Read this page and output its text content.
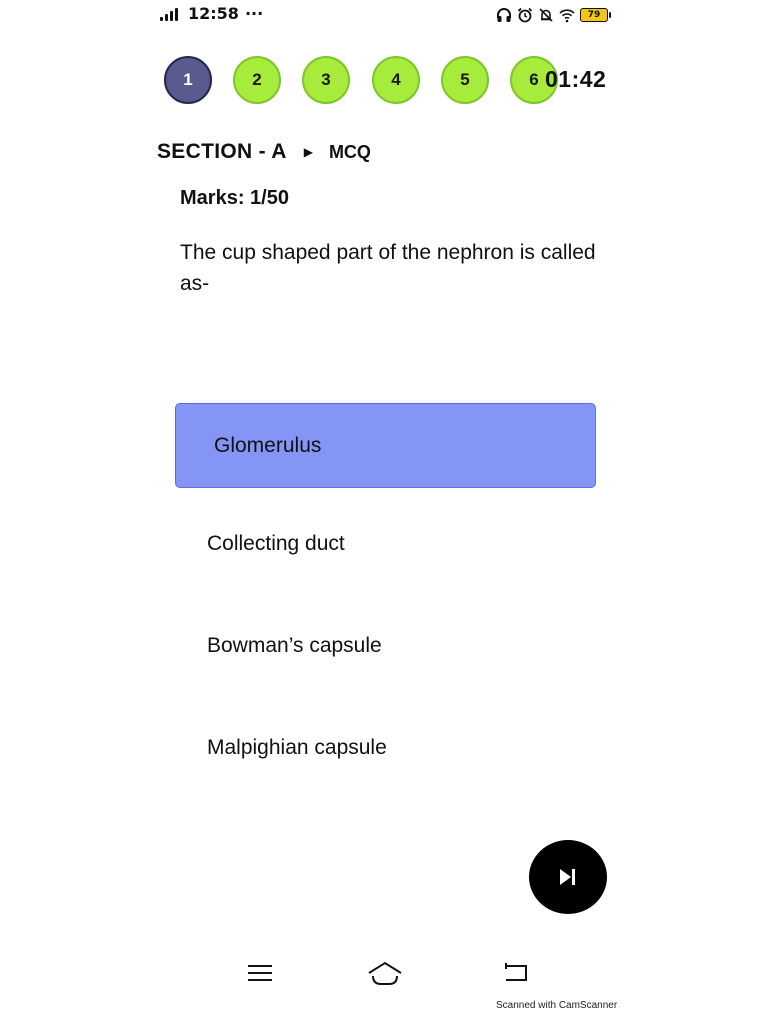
12:58 ···	79
1	2	3	4	5	6 01:42
SECTION - A ▶ MCQ
Marks: 1/50
The cup shaped part of the nephron is called as-
Glomerulus
Collecting duct
Bowman’s capsule
Malpighian capsule
Scanned with CamScanner
